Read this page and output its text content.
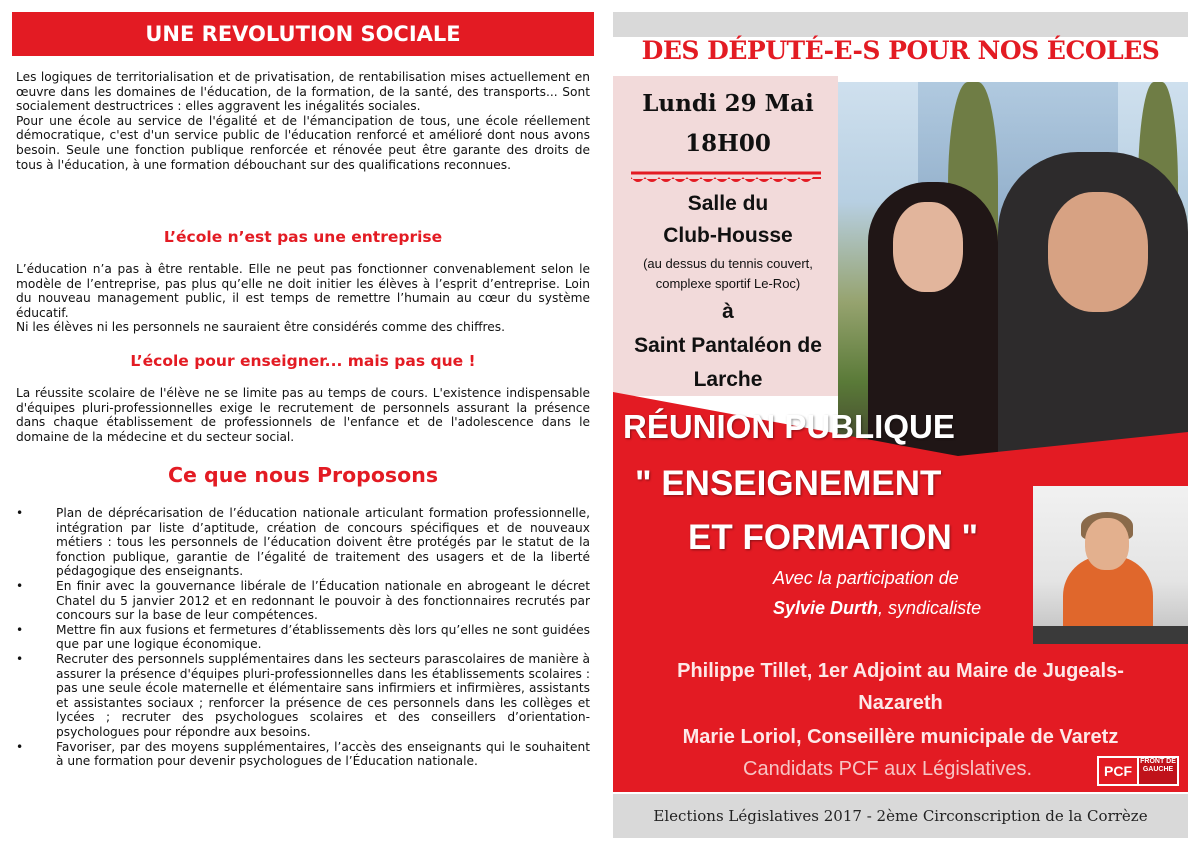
UNE REVOLUTION SOCIALE

Les logiques de territorialisation et de privatisation, de rentabilisation mises actuellement en œuvre dans les domaines de l'éducation, de la formation, de la santé, des transports... Sont socialement destructrices : elles aggravent les inégalités sociales.

Pour une école au service de l'égalité et de l'émancipation de tous, une école réellement démocratique, c'est d'un service public de l'éducation renforcé et amélioré dont nous avons besoin. Seule une fonction publique renforcée et rénovée peut être garante des droits de tous à l'éducation, à une formation débouchant sur des qualifications reconnues.

L’école n’est pas une entreprise

L’éducation n’a pas à être rentable. Elle ne peut pas fonctionner convenablement selon le modèle de l’entreprise, pas plus qu’elle ne doit initier les élèves à l’esprit d’entreprise. Loin du nouveau management public, il est temps de remettre l’humain au cœur du système éducatif.

Ni les élèves ni les personnels ne sauraient être considérés comme des chiffres.

L’école pour enseigner... mais pas que !

La réussite scolaire de l'élève ne se limite pas au temps de cours. L'existence indispensable d'équipes pluri-professionnelles exige le recrutement de personnels assurant la présence dans chaque établissement de professionnels de l'enfance et de l'adolescence dans le domaine de la médecine et du secteur social.

Ce que nous Proposons
• Plan de déprécarisation de l’éducation nationale articulant formation professionnelle, intégration par liste d’aptitude, création de concours spécifiques et de nouveaux métiers : tous les personnels de l’éducation doivent être protégés par le statut de la fonction publique, garantie de l’égalité de traitement des usagers et de la liberté pédagogique des enseignants.
• En finir avec la gouvernance libérale de l’Éducation nationale en abrogeant le décret Chatel du 5 janvier 2012 et en redonnant le pouvoir à des fonctionnaires recrutés par concours sur la base de leur compétences.
• Mettre fin aux fusions et fermetures d’établissements dès lors qu’elles ne sont guidées que par une logique économique.
• Recruter des personnels supplémentaires dans les secteurs parascolaires de manière à assurer la présence d'équipes pluri-professionnelles dans les établissements scolaires : pas une seule école maternelle et élémentaire sans infirmiers et infirmières, assistants et assistantes sociaux ; renforcer la présence de ces personnels dans les collèges et lycées ; recruter des psychologues scolaires et des conseillers d’orientation-psychologues pour répondre aux besoins.
• Favoriser, par des moyens supplémentaires, l’accès des enseignants qui le souhaitent à une formation pour devenir psychologues de l’Éducation nationale.
DES DÉPUTÉ-E-S POUR NOS ÉCOLES
Lundi 29 Mai
18H00
Salle du
Club-Housse
(au dessus du tennis couvert,
complexe sportif Le-Roc)
à
Saint Pantaléon de
Larche
RÉUNION PUBLIQUE
" ENSEIGNEMENT
ET FORMATION "
Avec la participation de
Sylvie Durth, syndicaliste
Philippe Tillet, 1er Adjoint au Maire de Jugeals-
Nazareth
Marie Loriol, Conseillère municipale de Varetz
Candidats PCF aux Législatives.	PCF
FRONT DE GAUCHE
Elections Législatives 2017 - 2ème Circonscription de la Corrèze
